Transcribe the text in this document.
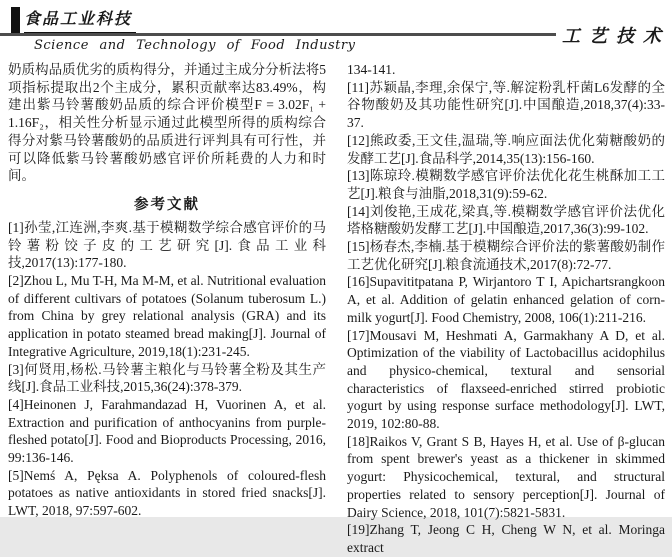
食品工业科技
Science and Technology of Food Industry	工艺技术

奶质构品质优劣的质构得分，并通过主成分分析法将5项指标提取出2个主成分，累积贡献率达83.49%，构建出紫马铃薯酸奶品质的综合评价模型F = 3.02F₁ + 1.16F₂，相关性分析显示通过此模型所得的质构综合得分对紫马铃薯酸奶的品质进行评判具有可行性，并可以降低紫马铃薯酸奶感官评价所耗费的人力和时间。

参考文献

[1]孙莹,江连洲,李爽.基于模糊数学综合感官评价的马铃薯粉饺子皮的工艺研究[J].食品工业科技,2017(13):177-180.

[2]Zhou L, Mu T-H, Ma M-M, et al. Nutritional evaluation of different cultivars of potatoes (Solanum tuberosum L.) from China by grey relational analysis (GRA) and its application in potato steamed bread making[J]. Journal of Integrative Agriculture, 2019,18(1):231-245.

[3]何贤用,杨松.马铃薯主粮化与马铃薯全粉及其生产线[J].食品工业科技,2015,36(24):378-379.

[4]Heinonen J, Farahmandazad H, Vuorinen A, et al. Extraction and purification of anthocyanins from purple-fleshed potato[J]. Food and Bioproducts Processing, 2016, 99:136-146.

[5]Nemś A, Pęksa A. Polyphenols of coloured-flesh potatoes as native antioxidants in stored fried snacks[J]. LWT, 2018, 97:597-602.

134-141.

[11]苏颖晶,李理,余保宁,等.解淀粉乳杆菌L6发酵的全谷物酸奶及其功能性研究[J].中国酿造,2018,37(4):33-37.

[12]熊政委,王文佳,温瑞,等.响应面法优化菊糖酸奶的发酵工艺[J].食品科学,2014,35(13):156-160.

[13]陈琼玲.模糊数学感官评价法优化花生桃酥加工工艺[J].粮食与油脂,2018,31(9):59-62.

[14]刘俊艳,王成花,梁真,等.模糊数学感官评价法优化塔格糖酸奶发酵工艺[J].中国酿造,2017,36(3):99-102.

[15]杨春杰,李楠.基于模糊综合评价法的紫薯酸奶制作工艺优化研究[J].粮食流通技术,2017(8):72-77.

[16]Supavititpatana P, Wirjantoro T I, Apichartsrangkoon A, et al. Addition of gelatin enhanced gelation of corn-milk yogurt[J]. Food Chemistry, 2008, 106(1):211-216.

[17]Mousavi M, Heshmati A, Garmakhany A D, et al. Optimization of the viability of Lactobacillus acidophilus and physico-chemical, textural and sensorial characteristics of flaxseed-enriched stirred probiotic yogurt by using response surface methodology[J]. LWT, 2019, 102:80-88.

[18]Raikos V, Grant S B, Hayes H, et al. Use of β-glucan from spent brewer's yeast as a thickener in skimmed yogurt: Physicochemical, textural, and structural properties related to sensory perception[J]. Journal of Dairy Science, 2018, 101(7):5821-5831.

[19]Zhang T, Jeong C H, Cheng W N, et al. Moringa extract
